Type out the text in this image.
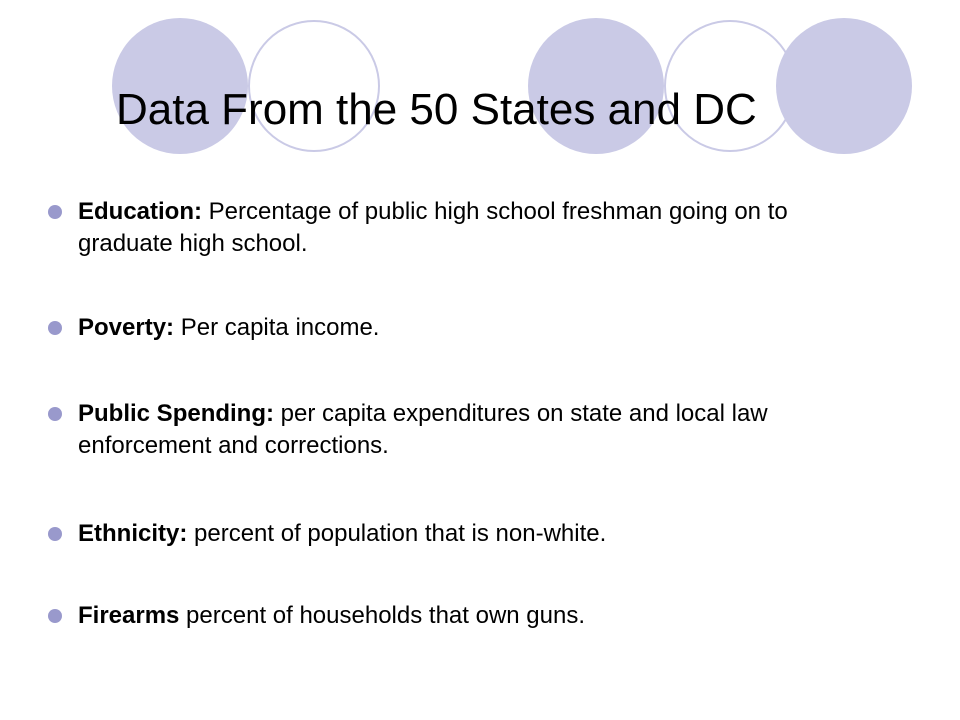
Data From the 50 States and DC
Education: Percentage of public high school freshman going on to graduate high school.
Poverty: Per capita income.
Public Spending: per capita expenditures on state and local law enforcement and corrections.
Ethnicity: percent of population that is non-white.
Firearms percent of households that own guns.
